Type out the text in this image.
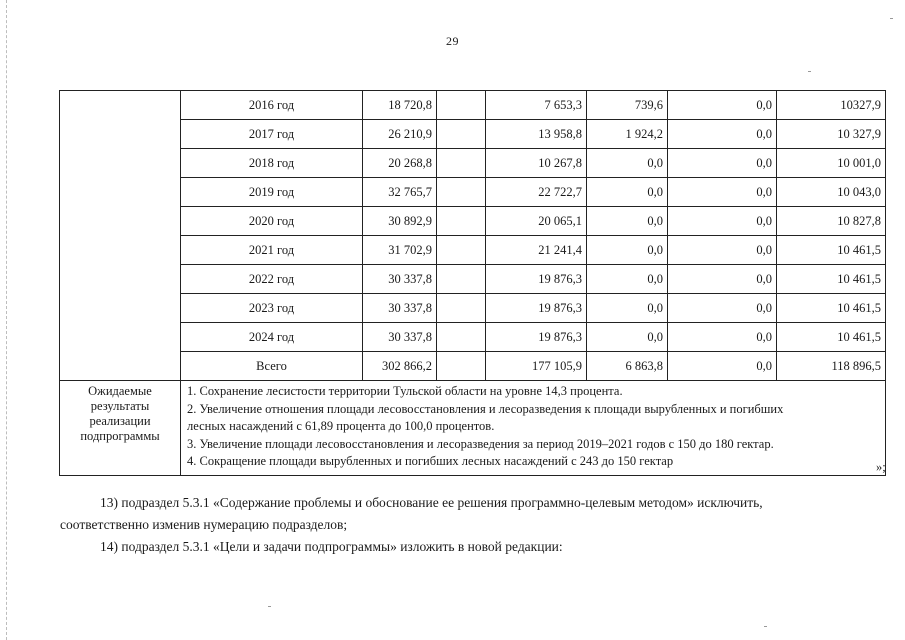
29
	2016 год	18 720,8		7 653,3	739,6	0,0	10327,9
	2017 год	26 210,9		13 958,8	1 924,2	0,0	10 327,9
	2018 год	20 268,8		10 267,8	0,0	0,0	10 001,0
	2019 год	32 765,7		22 722,7	0,0	0,0	10 043,0
	2020 год	30 892,9		20 065,1	0,0	0,0	10 827,8
	2021 год	31 702,9		21 241,4	0,0	0,0	10 461,5
	2022 год	30 337,8		19 876,3	0,0	0,0	10 461,5
	2023 год	30 337,8		19 876,3	0,0	0,0	10 461,5
	2024 год	30 337,8		19 876,3	0,0	0,0	10 461,5
	Всего	302 866,2		177 105,9	6 863,8	0,0	118 896,5
Ожидаемые результаты реализации подпрограммы	1. Сохранение лесистости территории Тульской области на уровне 14,3 процента.
2. Увеличение отношения площади лесовосстановления и лесоразведения к площади вырубленных и погибших
лесных насаждений с 61,89 процента до 100,0 процентов.
3. Увеличение площади лесовосстановления и лесоразведения за период 2019–2021 годов с 150 до 180 гектар.
4. Сокращение площади вырубленных и погибших лесных насаждений с 243 до 150 гектар							»;
13) подраздел 5.3.1 «Содержание проблемы и обоснование ее решения программно-целевым методом» исключить,
соответственно изменив нумерацию подразделов;
14) подраздел 5.3.1 «Цели и задачи подпрограммы» изложить в новой редакции:
